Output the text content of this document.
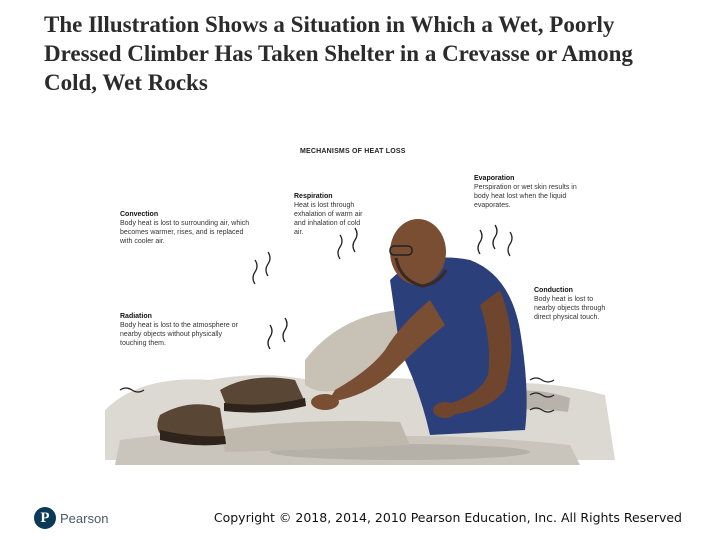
The Illustration Shows a Situation in Which a Wet, Poorly Dressed Climber Has Taken Shelter in a Crevasse or Among Cold, Wet Rocks
MECHANISMS OF HEAT LOSS
Convection
Body heat is lost to surrounding air, which becomes warmer, rises, and is replaced with cooler air.
Respiration
Heat is lost through exhalation of warm air and inhalation of cold air.
Evaporation
Perspiration or wet skin results in body heat lost when the liquid evaporates.
Conduction
Body heat is lost to nearby objects through direct physical touch.
Radiation
Body heat is lost to the atmosphere or nearby objects without physically touching them.
P Pearson	Copyright © 2018, 2014, 2010 Pearson Education, Inc. All Rights Reserved
